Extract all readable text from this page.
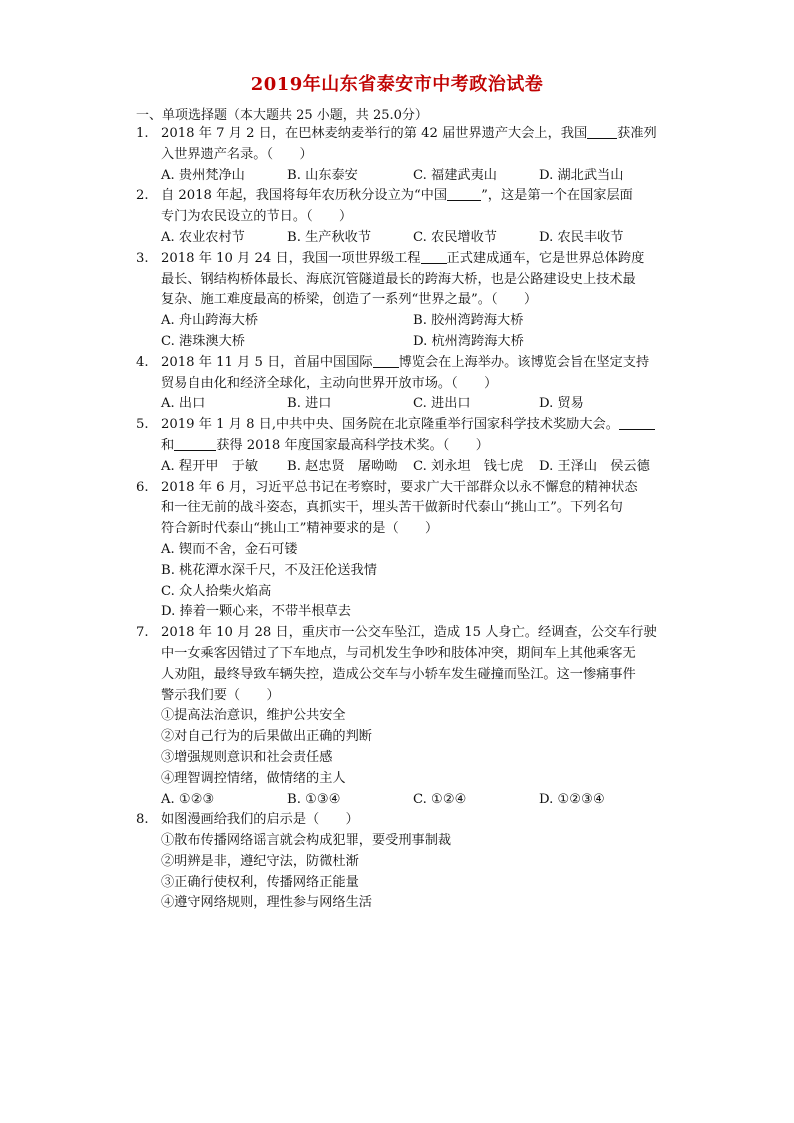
2019年山东省泰安市中考政治试卷
一、单项选择题（本大题共 25 小题，共 25.0分）
1. 2018 年 7 月 2 日，在巴林麦纳麦举行的第 42 届世界遗产大会上，我国 获准列
入世界遗产名录。（　　）
A. 贵州梵净山	B. 山东泰安	C. 福建武夷山	D. 湖北武当山
2. 自 2018 年起，我国将每年农历秋分设立为“中国	”，这是第一个在国家层面
专门为农民设立的节日。（　　）
A. 农业农村节	B. 生产秋收节	C. 农民增收节	D. 农民丰收节
3. 2018 年 10 月 24 日，我国一项世界级工程 正式建成通车，它是世界总体跨度
最长、钢结构桥体最长、海底沉管隧道最长的跨海大桥，也是公路建设史上技术最
复杂、施工难度最高的桥梁，创造了一系列“世界之最”。（　　）
A. 舟山跨海大桥	B. 胶州湾跨海大桥
C. 港珠澳大桥	D. 杭州湾跨海大桥
4. 2018 年 11 月 5 日，首届中国国际 博览会在上海举办。该博览会旨在坚定支持
贸易自由化和经济全球化，主动向世界开放市场。（　　）
A. 出口	B. 进口	C. 进出口	D. 贸易
5. 2019 年 1 月 8 日,中共中央、国务院在北京隆重举行国家科学技术奖励大会。
和	获得 2018 年度国家最高科学技术奖。（　　）
A. 程开甲　于敏	B. 赵忠贤　屠呦呦	C. 刘永坦　钱七虎	D. 王泽山　侯云德
6. 2018 年 6 月，习近平总书记在考察时，要求广大干部群众以永不懈怠的精神状态
和一往无前的战斗姿态，真抓实干，埋头苦干做新时代泰山“挑山工”。下列名句
符合新时代泰山“挑山工”精神要求的是（　　）
A. 锲而不舍，金石可镂
B. 桃花潭水深千尺，不及汪伦送我情
C. 众人拾柴火焰高
D. 捧着一颗心来，不带半根草去
7. 2018 年 10 月 28 日，重庆市一公交车坠江，造成 15 人身亡。经调查，公交车行驶
中一女乘客因错过了下车地点，与司机发生争吵和肢体冲突，期间车上其他乘客无
人劝阻，最终导致车辆失控，造成公交车与小轿车发生碰撞而坠江。这一惨痛事件
警示我们要（　　）
①提高法治意识，维护公共安全
②对自己行为的后果做出正确的判断
③增强规则意识和社会责任感
④理智调控情绪，做情绪的主人
A. ①②③	B. ①③④	C. ①②④	D. ①②③④
8. 如图漫画给我们的启示是（　　）
①散布传播网络谣言就会构成犯罪，要受刑事制裁
②明辨是非，遵纪守法，防微杜渐
③正确行使权利，传播网络正能量
④遵守网络规则，理性参与网络生活
